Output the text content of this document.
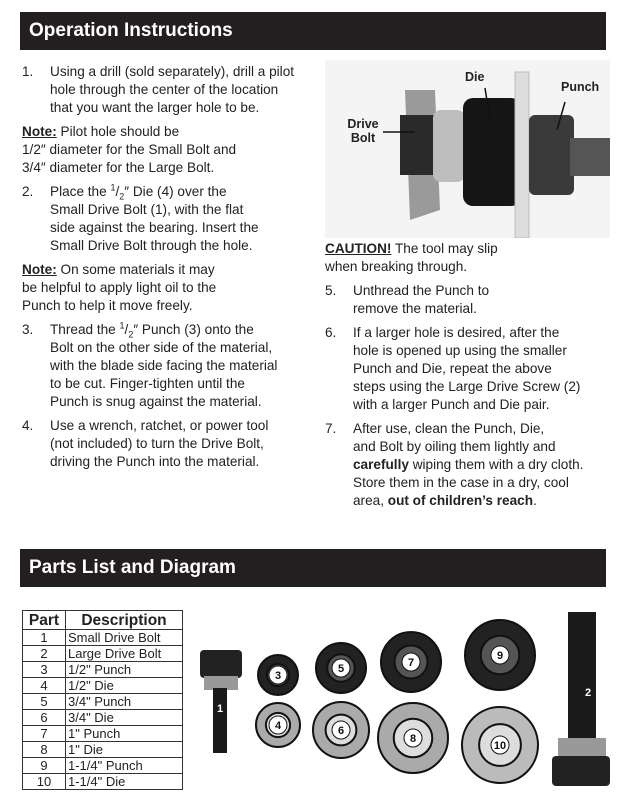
Operation Instructions
1. Using a drill (sold separately), drill a pilot
hole through the center of the location
that you want the larger hole to be.
Note: Pilot hole should be
1/2″ diameter for the Small Bolt and
3/4″ diameter for the Large Bolt.
2. Place the $^1/_2''$ Die (4) over the
Small Drive Bolt (1), with the flat
side against the bearing. Insert the
Small Drive Bolt through the hole.
Note: On some materials it may
be helpful to apply light oil to the
Punch to help it move freely.
3. Thread the $^1/_2''$ Punch (3) onto the
Bolt on the other side of the material,
with the blade side facing the material
to be cut. Finger-tighten until the
Punch is snug against the material.
4. Use a wrench, ratchet, or power tool
(not included) to turn the Drive Bolt,
driving the Punch into the material.
CAUTION! The tool may slip
when breaking through.
5. Unthread the Punch to
remove the material.
6. If a larger hole is desired, after the
hole is opened up using the smaller
Punch and Die, repeat the above
steps using the Large Drive Screw (2)
with a larger Punch and Die pair.
7. After use, clean the Punch, Die,
and Bolt by oiling them lightly and
carefully wiping them with a dry cloth.
Store them in the case in a dry, cool
area, out of children’s reach.
Die
Punch
Drive Bolt
Parts List and Diagram
Part	Description
1	Small Drive Bolt
2	Large Drive Bolt
3	1/2" Punch
4	1/2" Die
5	3/4" Punch
6	3/4" Die
7	1" Punch
8	1" Die
9	1-1/4" Punch
10	1-1/4" Die
1
2
3
4
5
6
7
8
9
10
